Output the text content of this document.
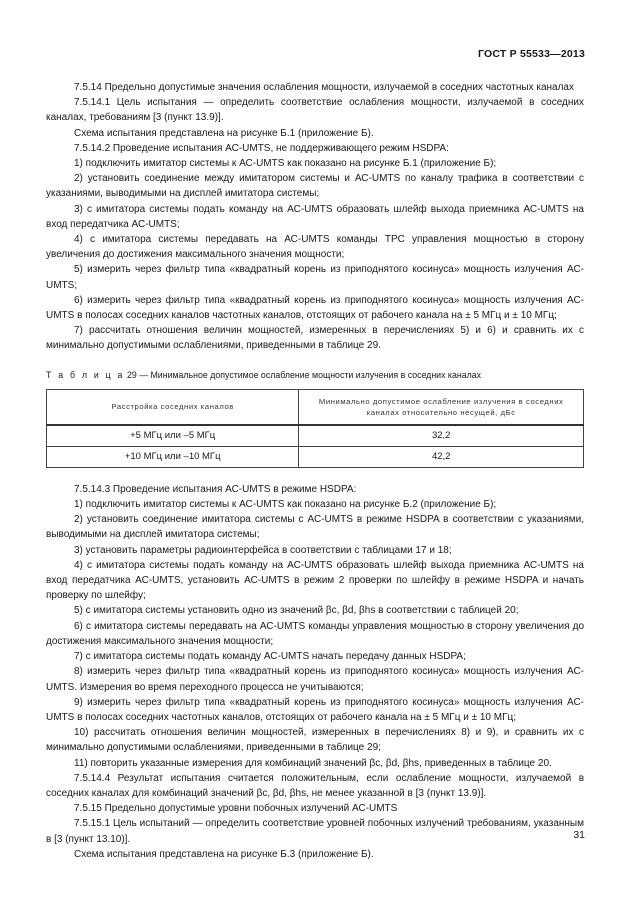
ГОСТ Р 55533—2013

7.5.14 Предельно допустимые значения ослабления мощности, излучаемой в соседних частотных каналах

7.5.14.1 Цель испытания — определить соответствие ослабления мощности, излучаемой в соседних каналах, требованиям [3 (пункт 13.9)].

Схема испытания представлена на рисунке Б.1 (приложение Б).

7.5.14.2 Проведение испытания АС-UMTS, не поддерживающего режим HSDPA:

1) подключить имитатор системы к АС-UMTS как показано на рисунке Б.1 (приложение Б);

2) установить соединение между имитатором системы и АС-UMTS по каналу трафика в соответствии с указаниями, выводимыми на дисплей имитатора системы;

3) с имитатора системы подать команду на АС-UMTS образовать шлейф выхода приемника АС-UMTS на вход передатчика АС-UMTS;

4) с имитатора системы передавать на АС-UMTS команды ТРС управления мощностью в сторону увеличения до достижения максимального значения мощности;

5) измерить через фильтр типа «квадратный корень из приподнятого косинуса» мощность излучения АС-UMTS;

6) измерить через фильтр типа «квадратный корень из приподнятого косинуса» мощность излучения АС-UMTS в полосах соседних каналов частотных каналов, отстоящих от рабочего канала на ± 5 МГц и ± 10 МГц;

7) рассчитать отношения величин мощностей, измеренных в перечислениях 5) и 6) и сравнить их с минимально допустимыми ослаблениями, приведенными в таблице 29.

Т а б л и ц а 29 — Минимальное допустимое ослабление мощности излучения в соседних каналах

Расстройка соседних каналов	Минимально допустимое ослабление излучения в соседних каналах относительно несущей, дБс
+5 МГц или –5 МГц	32,2
+10 МГц или –10 МГц	42,2

7.5.14.3 Проведение испытания АС-UMTS в режиме HSDPA:

1) подключить имитатор системы к АС-UMTS как показано на рисунке Б.2 (приложение Б);

2) установить соединение имитатора системы с АС-UMTS в режиме HSDPA в соответствии с указаниями, выводимыми на дисплей имитатора системы;

3) установить параметры радиоинтерфейса в соответствии с таблицами 17 и 18;

4) с имитатора системы подать команду на АС-UMTS образовать шлейф выхода приемника АС-UMTS на вход передатчика АС-UMTS, установить АС-UMTS в режим 2 проверки по шлейфу в режиме HSDPA и начать проверку по шлейфу;

5) с имитатора системы установить одно из значений βc, βd, βhs в соответствии с таблицей 20;

6) с имитатора системы передавать на АС-UMTS команды управления мощностью в сторону увеличения до достижения максимального значения мощности;

7) с имитатора системы подать команду АС-UMTS начать передачу данных HSDPA;

8) измерить через фильтр типа «квадратный корень из приподнятого косинуса» мощность излучения АС-UMTS. Измерения во время переходного процесса не учитываются;

9) измерить через фильтр типа «квадратный корень из приподнятого косинуса» мощность излучения АС-UMTS в полосах соседних частотных каналов, отстоящих от рабочего канала на ± 5 МГц и ± 10 МГц;

10) рассчитать отношения величин мощностей, измеренных в перечислениях 8) и 9), и сравнить их с минимально допустимыми ослаблениями, приведенными в таблице 29;

11) повторить указанные измерения для комбинаций значений βc, βd, βhs, приведенных в таблице 20.

7.5.14.4 Результат испытания считается положительным, если ослабление мощности, излучаемой в соседних каналах для комбинаций значений βc, βd, βhs, не менее указанной в [3 (пункт 13.9)].

7.5.15 Предельно допустимые уровни побочных излучений АС-UMTS

7.5.15.1 Цель испытаний — определить соответствие уровней побочных излучений требованиям, указанным в [3 (пункт 13.10)].

Схема испытания представлена на рисунке Б.3 (приложение Б).

31
